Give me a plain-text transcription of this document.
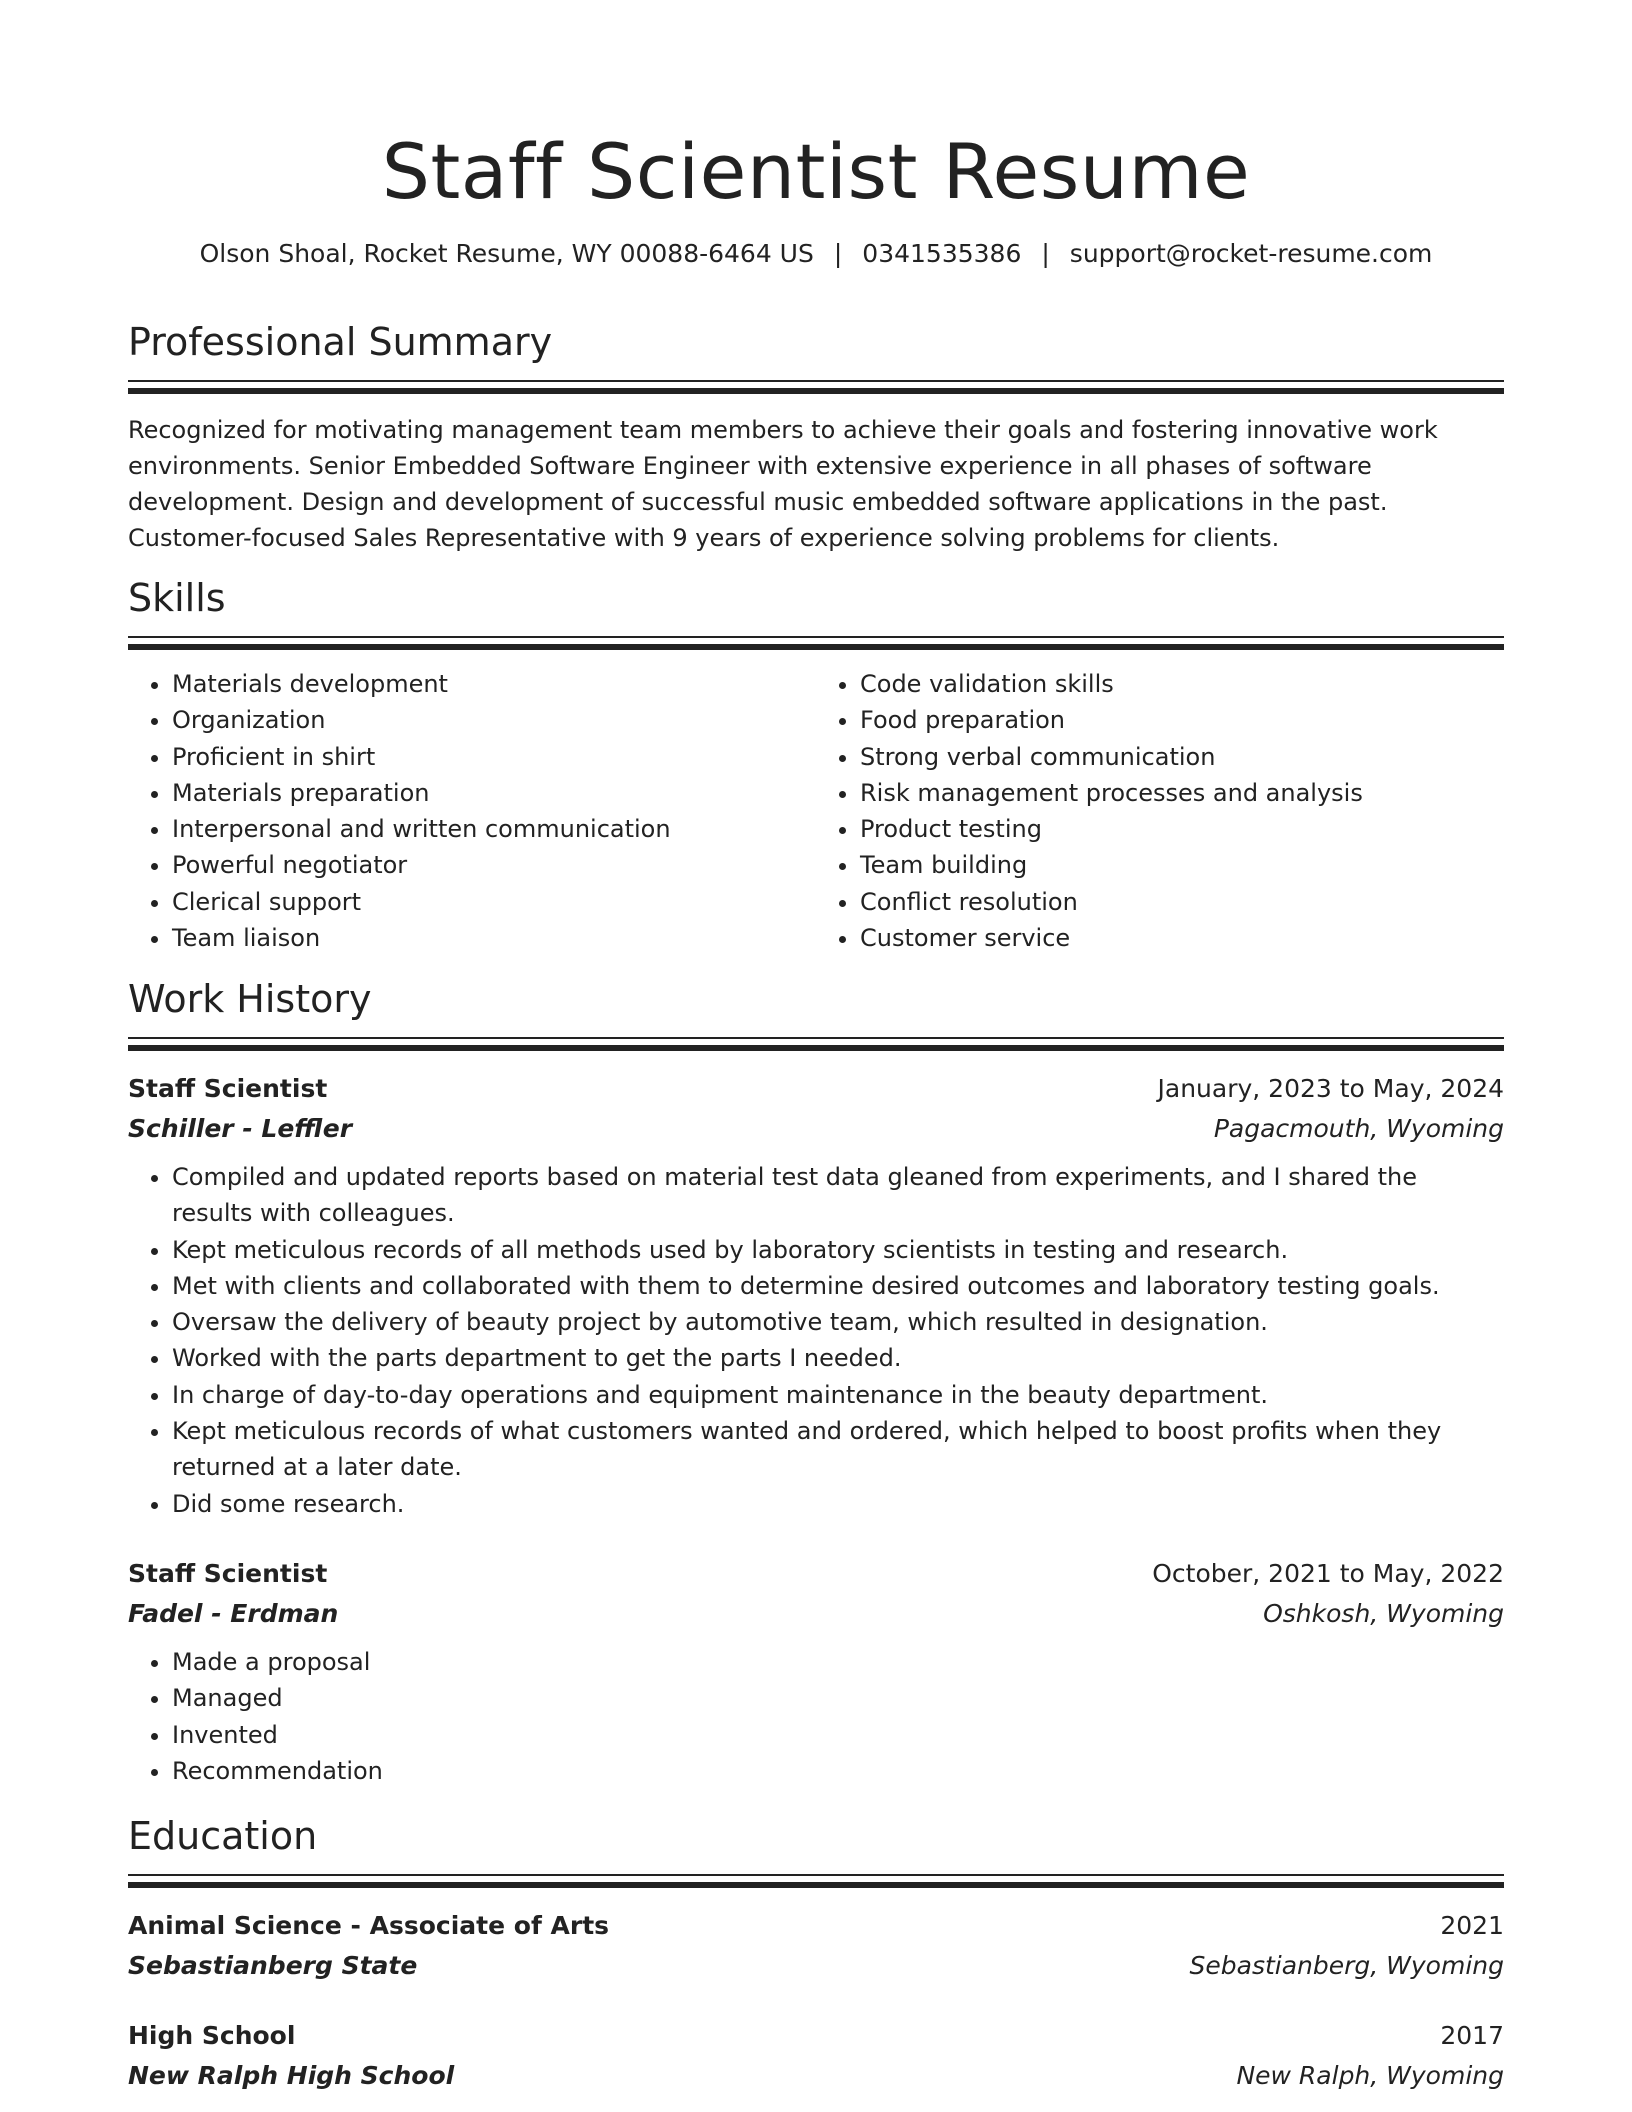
Staff Scientist Resume
Olson Shoal, Rocket Resume, WY 00088-6464 US | 0341535386 | support@rocket-resume.com
Professional Summary
Recognized for motivating management team members to achieve their goals and fostering innovative work environments. Senior Embedded Software Engineer with extensive experience in all phases of software development. Design and development of successful music embedded software applications in the past. Customer-focused Sales Representative with 9 years of experience solving problems for clients.
Skills
• Materials development
• Organization
• Proficient in shirt
• Materials preparation
• Interpersonal and written communication
• Powerful negotiator
• Clerical support
• Team liaison
• Code validation skills
• Food preparation
• Strong verbal communication
• Risk management processes and analysis
• Product testing
• Team building
• Conflict resolution
• Customer service
Work History
Staff Scientist	January, 2023 to May, 2024
Schiller - Leffler	Pagacmouth, Wyoming
• Compiled and updated reports based on material test data gleaned from experiments, and I shared the results with colleagues.
• Kept meticulous records of all methods used by laboratory scientists in testing and research.
• Met with clients and collaborated with them to determine desired outcomes and laboratory testing goals.
• Oversaw the delivery of beauty project by automotive team, which resulted in designation.
• Worked with the parts department to get the parts I needed.
• In charge of day-to-day operations and equipment maintenance in the beauty department.
• Kept meticulous records of what customers wanted and ordered, which helped to boost profits when they returned at a later date.
• Did some research.
Staff Scientist	October, 2021 to May, 2022
Fadel - Erdman	Oshkosh, Wyoming
• Made a proposal
• Managed
• Invented
• Recommendation
Education
Animal Science - Associate of Arts	2021
Sebastianberg State	Sebastianberg, Wyoming
High School	2017
New Ralph High School	New Ralph, Wyoming
